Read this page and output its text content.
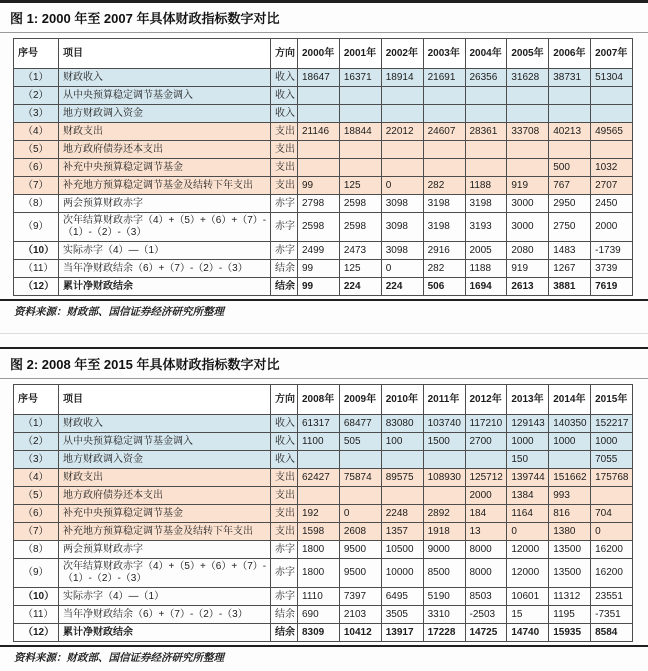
图 1: 2000 年至 2007 年具体财政指标数字对比
序号	项目	方向	2000年	2001年	2002年	2003年	2004年	2005年	2006年	2007年
（1）	财政收入	收入	18647	16371	18914	21691	26356	31628	38731	51304
（2）	从中央预算稳定调节基金调入	收入								
（3）	地方财政调入资金	收入								
（4）	财政支出	支出	21146	18844	22012	24607	28361	33708	40213	49565
（5）	地方政府债券还本支出	支出								
（6）	补充中央预算稳定调节基金	支出							500	1032
（7）	补充地方预算稳定调节基金及结转下年支出	支出	99	125	0	282	1188	919	767	2707
（8）	两会预算财政赤字	赤字	2798	2598	3098	3198	3198	3000	2950	2450
（9）	次年结算财政赤字（4）+（5）+（6）+（7）-（1）-（2）-（3）	赤字	2598	2598	3098	3198	3193	3000	2750	2000
（10）	实际赤字（4）—（1）	赤字	2499	2473	3098	2916	2005	2080	1483	-1739
（11）	当年净财政结余（6）+（7）-（2）-（3）	结余	99	125	0	282	1188	919	1267	3739
（12）	累计净财政结余	结余	99	224	224	506	1694	2613	3881	7619

资料来源：财政部、国信证券经济研究所整理

图 2: 2008 年至 2015 年具体财政指标数字对比
序号	项目	方向	2008年	2009年	2010年	2011年	2012年	2013年	2014年	2015年
（1）	财政收入	收入	61317	68477	83080	103740	117210	129143	140350	152217
（2）	从中央预算稳定调节基金调入	收入	1100	505	100	1500	2700	1000	1000	1000
（3）	地方财政调入资金	收入						150		7055
（4）	财政支出	支出	62427	75874	89575	108930	125712	139744	151662	175768
（5）	地方政府债券还本支出	支出					2000	1384	993	
（6）	补充中央预算稳定调节基金	支出	192	0	2248	2892	184	1164	816	704
（7）	补充地方预算稳定调节基金及结转下年支出	支出	1598	2608	1357	1918	13	0	1380	0
（8）	两会预算财政赤字	赤字	1800	9500	10500	9000	8000	12000	13500	16200
（9）	次年结算财政赤字（4）+（5）+（6）+（7）-（1）-（2）-（3）	赤字	1800	9500	10000	8500	8000	12000	13500	16200
（10）	实际赤字（4）—（1）	赤字	1110	7397	6495	5190	8503	10601	11312	23551
（11）	当年净财政结余（6）+（7）-（2）-（3）	结余	690	2103	3505	3310	-2503	15	1195	-7351
（12）	累计净财政结余	结余	8309	10412	13917	17228	14725	14740	15935	8584

资料来源：财政部、国信证券经济研究所整理
